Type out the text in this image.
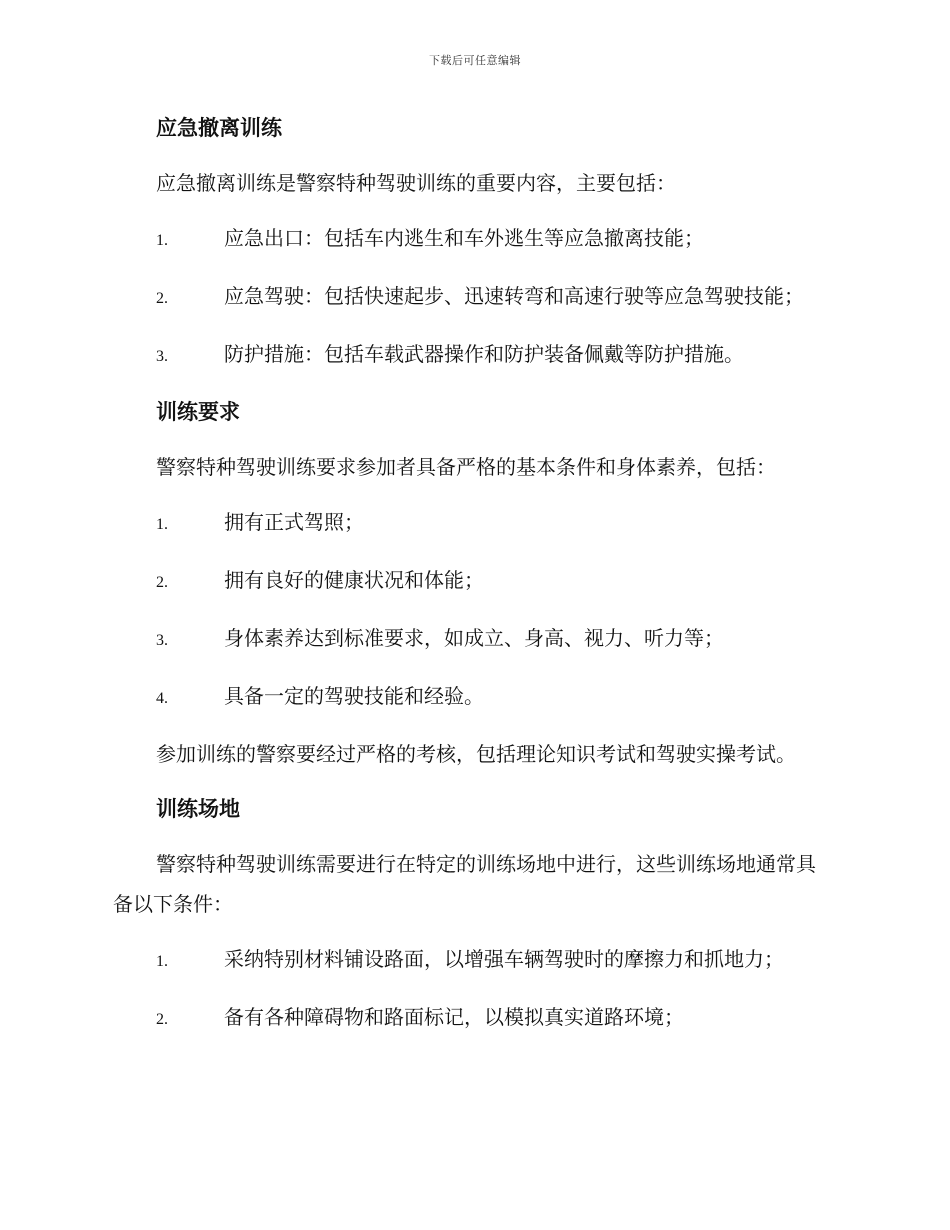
下载后可任意编辑
应急撤离训练
应急撤离训练是警察特种驾驶训练的重要内容，主要包括：
1.	应急出口：包括车内逃生和车外逃生等应急撤离技能；
2.	应急驾驶：包括快速起步、迅速转弯和高速行驶等应急驾驶技能；
3.	防护措施：包括车载武器操作和防护装备佩戴等防护措施。
训练要求
警察特种驾驶训练要求参加者具备严格的基本条件和身体素养，包括：
1.	拥有正式驾照；
2.	拥有良好的健康状况和体能；
3.	身体素养达到标准要求，如成立、身高、视力、听力等；
4.	具备一定的驾驶技能和经验。
参加训练的警察要经过严格的考核，包括理论知识考试和驾驶实操考试。
训练场地
警察特种驾驶训练需要进行在特定的训练场地中进行，这些训练场地通常具备以下条件：
1.	采纳特别材料铺设路面，以增强车辆驾驶时的摩擦力和抓地力；
2.	备有各种障碍物和路面标记，以模拟真实道路环境；
